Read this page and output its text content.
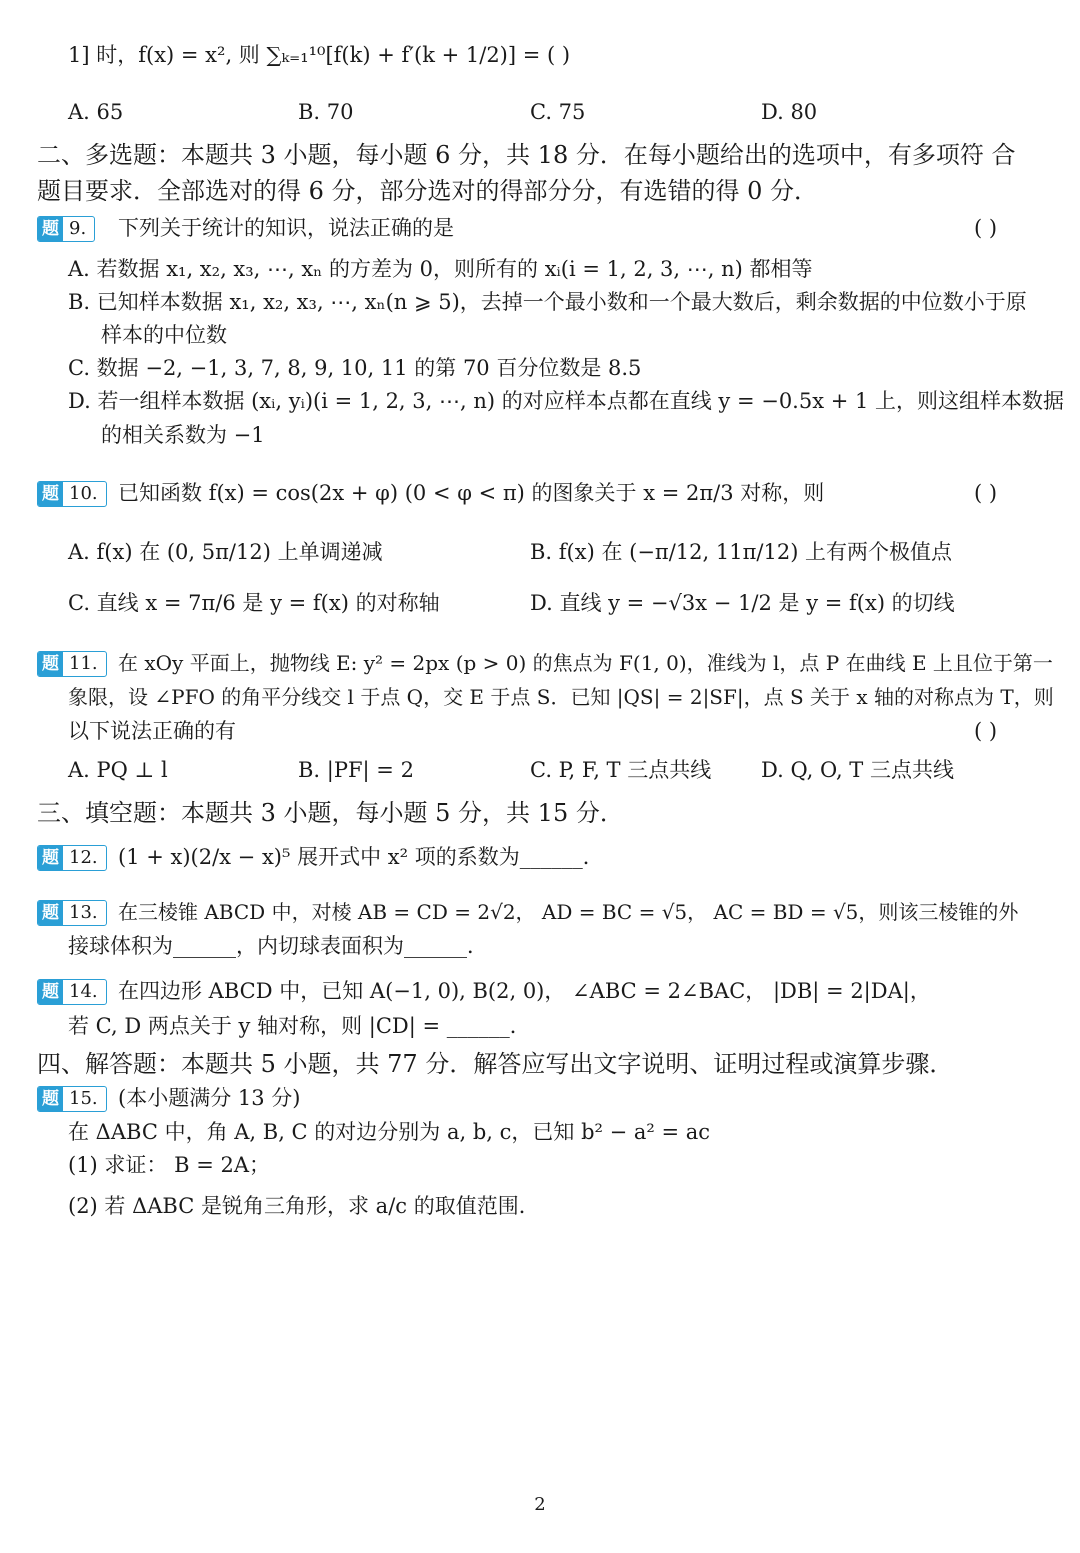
1] 时，f(x) = x², 则 ∑ₖ₌₁¹⁰[f(k) + f′(k + 1/2)] = ( )
A. 65	B. 70	C. 75	D. 80
二、多选题：本题共 3 小题，每小题 6 分，共 18 分．在每小题给出的选项中，有多项符 合
题目要求．全部选对的得 6 分，部分选对的得部分分，有选错的得 0 分．
题 9.	下列关于统计的知识，说法正确的是	( )
A. 若数据 x₁, x₂, x₃, ⋯, xₙ 的方差为 0，则所有的 xᵢ(i = 1, 2, 3, ⋯, n) 都相等
B. 已知样本数据 x₁, x₂, x₃, ⋯, xₙ(n ⩾ 5)，去掉一个最小数和一个最大数后，剩余数据的中位数小于原
样本的中位数
C. 数据 −2, −1, 3, 7, 8, 9, 10, 11 的第 70 百分位数是 8.5
D. 若一组样本数据 (xᵢ, yᵢ)(i = 1, 2, 3, ⋯, n) 的对应样本点都在直线 y = −0.5x + 1 上，则这组样本数据
的相关系数为 −1
题 10. 已知函数 f(x) = cos(2x + φ) (0 < φ < π) 的图象关于 x = 2π/3 对称，则	( )
A. f(x) 在 (0, 5π/12) 上单调递减	B. f(x) 在 (−π/12, 11π/12) 上有两个极值点
C. 直线 x = 7π/6 是 y = f(x) 的对称轴	D. 直线 y = −√3x − 1/2 是 y = f(x) 的切线
题 11.	在 xOy 平面上，抛物线 E: y² = 2px (p > 0) 的焦点为 F(1, 0)，准线为 l，点 P 在曲线 E 上且位于第一
象限，设 ∠PFO 的角平分线交 l 于点 Q，交 E 于点 S．已知 |QS| = 2|SF|，点 S 关于 x 轴的对称点为 T，则
以下说法正确的有	( )
A. PQ ⊥ l	B. |PF| = 2	C. P, F, T 三点共线 D. Q, O, T 三点共线
三、填空题：本题共 3 小题，每小题 5 分，共 15 分．
题 12. (1 + x)(2/x − x)⁵ 展开式中 x² 项的系数为______．
题 13.	在三棱锥 ABCD 中，对棱 AB = CD = 2√2， AD = BC = √5， AC = BD = √5，则该三棱锥的外
接球体积为______，内切球表面积为______．
题 14. 在四边形 ABCD 中，已知 A(−1, 0), B(2, 0)， ∠ABC = 2∠BAC， |DB| = 2|DA|，
若 C, D 两点关于 y 轴对称，则 |CD| = ______．
四、解答题：本题共 5 小题，共 77 分．解答应写出文字说明、证明过程或演算步骤．
题 15. (本小题满分 13 分)
在 ΔABC 中，角 A, B, C 的对边分别为 a, b, c，已知 b² − a² = ac
(1) 求证： B = 2A；
(2) 若 ΔABC 是锐角三角形，求 a/c 的取值范围．
2
